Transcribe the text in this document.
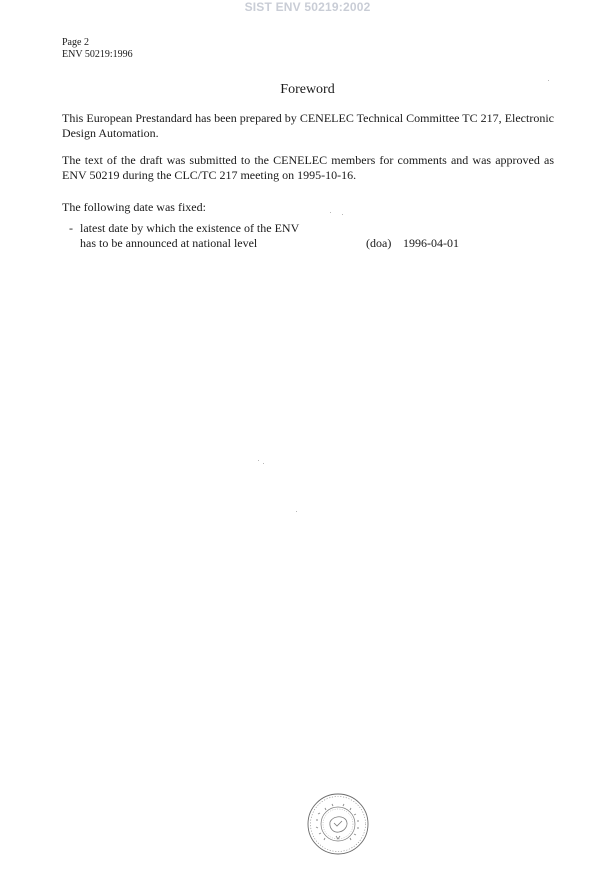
SIST ENV 50219:2002
Page 2
ENV 50219:1996
Foreword
This European Prestandard has been prepared by CENELEC Technical Committee TC 217, Electronic Design Automation.
The text of the draft was submitted to the CENELEC members for comments and was approved as ENV 50219 during the CLC/TC 217 meeting on 1995-10-16.
The following date was fixed:
- latest date by which the existence of the ENV
has to be announced at national level	(doa) 1996-04-01
